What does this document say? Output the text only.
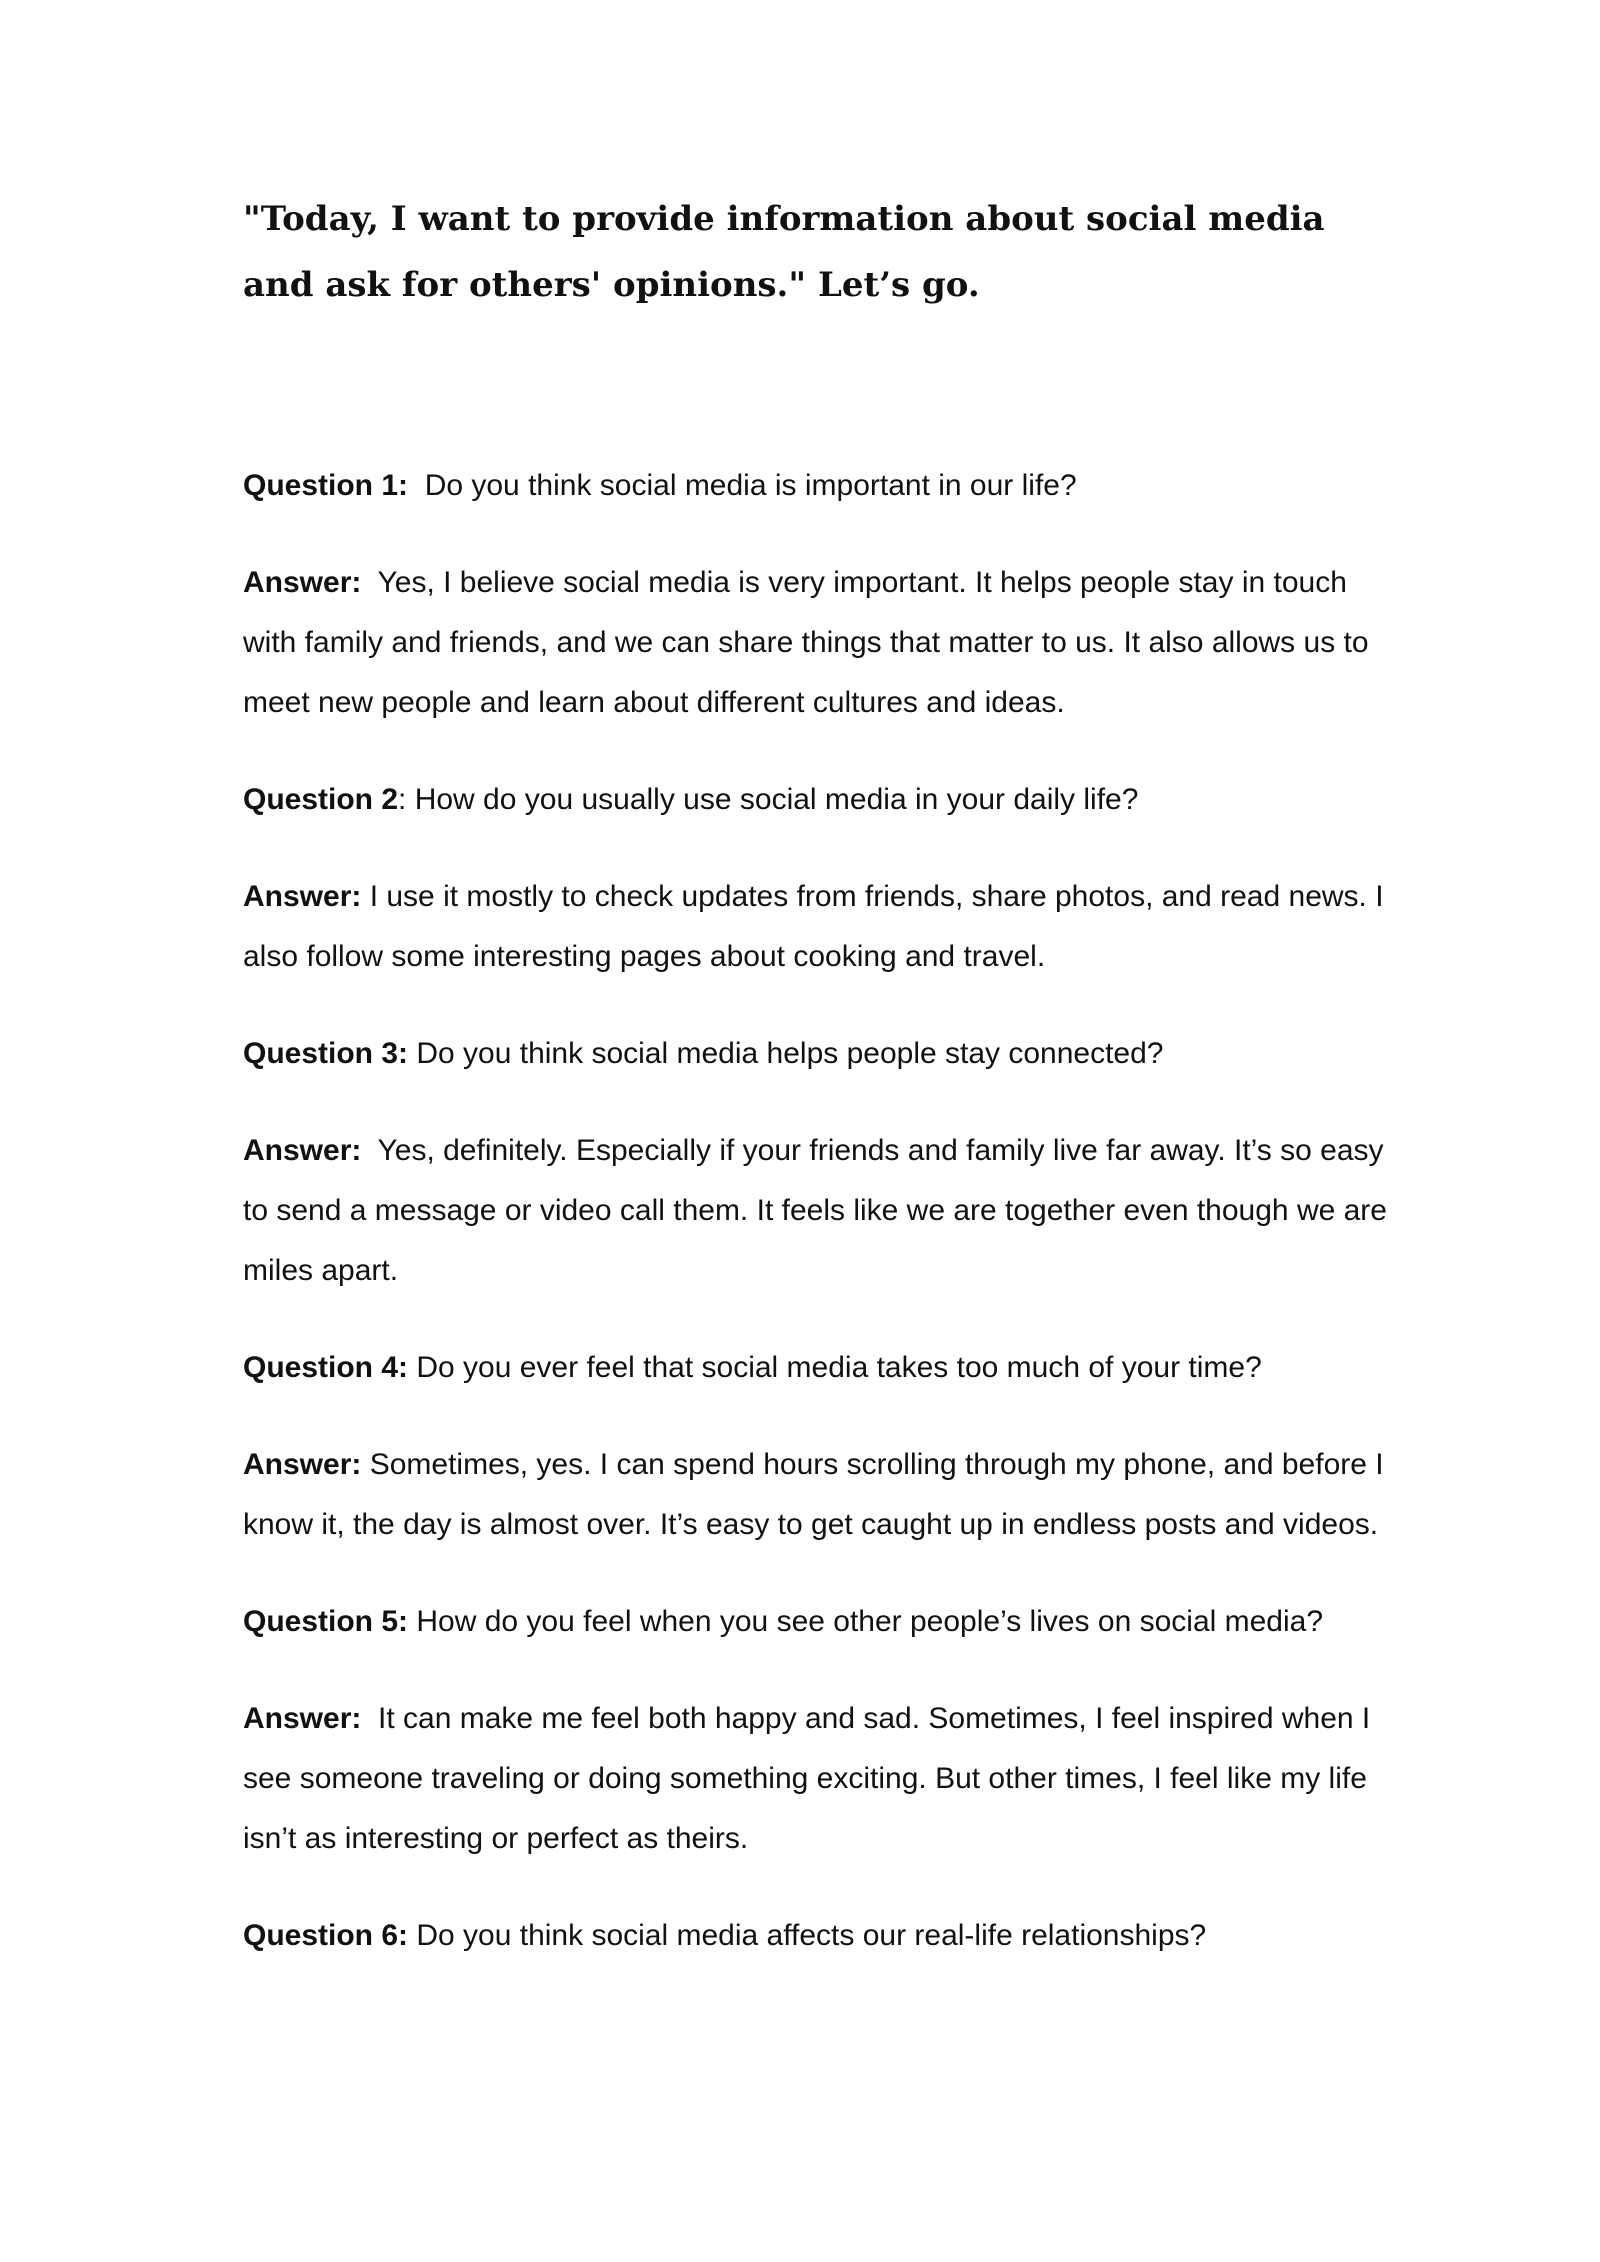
"Today, I want to provide information about social media and ask for others' opinions." Let’s go.

Question 1: Do you think social media is important in our life?

Answer: Yes, I believe social media is very important. It helps people stay in touch with family and friends, and we can share things that matter to us. It also allows us to meet new people and learn about different cultures and ideas.

Question 2: How do you usually use social media in your daily life?

Answer: I use it mostly to check updates from friends, share photos, and read news. I also follow some interesting pages about cooking and travel.

Question 3: Do you think social media helps people stay connected?

Answer: Yes, definitely. Especially if your friends and family live far away. It’s so easy to send a message or video call them. It feels like we are together even though we are miles apart.

Question 4: Do you ever feel that social media takes too much of your time?

Answer: Sometimes, yes. I can spend hours scrolling through my phone, and before I know it, the day is almost over. It’s easy to get caught up in endless posts and videos.

Question 5: How do you feel when you see other people’s lives on social media?

Answer: It can make me feel both happy and sad. Sometimes, I feel inspired when I see someone traveling or doing something exciting. But other times, I feel like my life isn’t as interesting or perfect as theirs.

Question 6: Do you think social media affects our real-life relationships?
